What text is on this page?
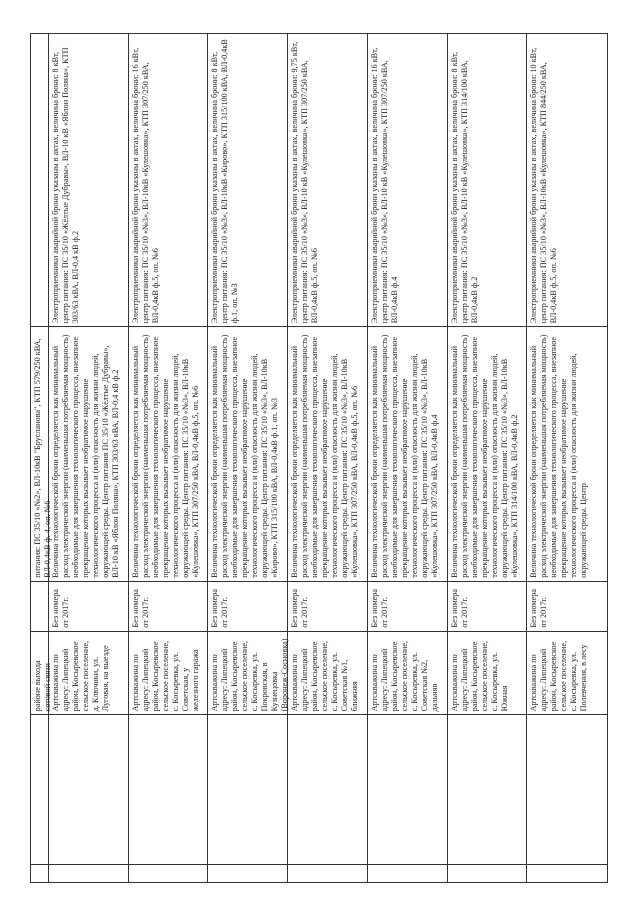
районе выхода сотовой связи
питания: ПС 35/10 «№2», ВЛ-10кВ "Брусланова", КТП 579/250 кВА, ВЛ-0,4кВ ф. 4, оп. №6
Артскважина по адресу: Липецкий район, Косыревское сельское поселение, д. Ключики, ул. Луговая, на выезде
Без номера от 2017г.
Величина технологической брони определяется как минимальный расход электрической энергии (наименьшая потребляемая мощность) необходимые для завершения технологического процесса, внезапное прекращение которых вызывает необратимое нарушение технологического процесса и (или) опасность для жизни людей, окружающей среды. Центр питания ПС 35/10 «Жёлтые Дубравы», ВЛ-10 кВ «Яблон Поляна», КТП 303/63 кВА, ВЛ-0,4 кВ ф.2
Электроприемники аварийной брони указаны в актах, величина брони: 8 кВт, центр питания: ПС 35/10 «Жёлтые Дубравы», ВЛ-10 кВ «Яблон Поляна», КТП 303/63 кВА, ВЛ-0,4 кВ ф.2
Артскважина по адресу: Липецкий район, Косыревское сельское поселение, с. Косыревка, ул. Советская, у железного гаража
Без номера от 2017г.
Величина технологической брони определяется как минимальный расход электрической энергии (наименьшая потребляемая мощность) необходимые для завершения технологического процесса, внезапное прекращение которых вызывает необратимое нарушение технологического процесса и (или) опасность для жизни людей, окружающей среды. Центр питания: ПС 35/10 «№3», ВЛ-10кВ «Кулешовка», КТП 307/250 кВА, ВЛ-0,4кВ ф.5, оп. №6
Электроприемники аварийной брони указаны в актах, величина брони: 16 кВт, центр питания: ПС 35/10 «№3», ВЛ-10кВ «Кулешовка», КТП 307/250 кВА, ВЛ-0,4кВ ф.5, оп. №6
Артскважина по адресу: Липецкий район, Косыревское сельское поселение, с. Косыревка, ул. Покровская, в Кузнецовка (Воронеж-Сосновка)
Без номера от 2017г.
Величина технологической брони определяется как минимальный расход электрической энергии (наименьшая потребляемая мощность) необходимые для завершения технологического процесса, внезапное прекращение которых вызывает необратимое нарушение технологического процесса и (или) опасность для жизни людей, окружающей среды. Центр питания: ПС 35/10 «№3», ВЛ-10кВ «Кирово», КТП 315/100 кВА, ВЛ-0,4кВ ф.1, оп. №3
Электроприемники аварийной брони указаны в актах, величина брони: 8 кВт, центр питания: ПС 35/10 «№3», ВЛ-10кВ «Кирово», КТП 315/100 кВА, ВЛ-0,4кВ ф.1, оп. №3
Артскважина по адресу: Липецкий район, Косыревское сельское поселение, с. Косыревка, ул. Советская №1, ближняя
Без номера от 2017г.
Величина технологической брони определяется как минимальный расход электрической энергии (наименьшая потребляемая мощность) необходимые для завершения технологического процесса, внезапное прекращение которых вызывает необратимое нарушение технологического процесса и (или) опасность для жизни людей, окружающей среды. Центр питания: ПС 35/10 «№3», ВЛ-10кВ «Кулешовка», КТП 307/250 кВА, ВЛ-0,4кВ ф.5, оп. №6
Электроприемники аварийной брони указаны в актах, величина брони: 9,75 кВт, центр питания: ПС 35/10 «№3», ВЛ-10 кВ «Кулешовка», КТП 307/250 кВА, ВЛ-0,4кВ ф.5, оп. №6
Артскважина по адресу: Липецкий район, Косыревское сельское поселение, с. Косыревка, ул. Советская №2, дальняя
Без номера от 2017г.
Величина технологической брони определяется как минимальный расход электрической энергии (наименьшая потребляемая мощность) необходимые для завершения технологического процесса, внезапное прекращение которых вызывает необратимое нарушение технологического процесса и (или) опасность для жизни людей, окружающей среды. Центр питания: ПС 35/10 «№3», ВЛ-10кВ «Кулешовка», КТП 307/250 кВА, ВЛ-0,4кВ ф.4
Электроприемники аварийной брони указаны в актах, величина брони: 16 кВт, центр питания: ПС 35/10 «№3», ВЛ-10 кВ «Кулешовка», КТП 307/250 кВА, ВЛ-0,4кВ ф.4
Артскважина по адресу: Липецкий район, Косыревское сельское поселение, с. Косыревка, ул. Южная
Без номера от 2017г.
Величина технологической брони определяется как минимальный расход электрической энергии (наименьшая потребляемая мощность) необходимые для завершения технологического процесса, внезапное прекращение которых вызывает необратимое нарушение технологического процесса и (или) опасность для жизни людей, окружающей среды. Центр питания: ПС 35/10 «№3», ВЛ-10кВ «Кулешовка», КТП 314/100 кВА, ВЛ-0,4кВ ф.2
Электроприемники аварийной брони указаны в актах, величина брони: 8 кВт, центр питания: ПС 35/10 «№3», ВЛ-10 кВ «Кулешовка», КТП 314/100 кВА, ВЛ-0,4кВ ф.2
Артскважина по адресу: Липецкий район, Косыревское сельское поселение, с. Косыревка, ул. Полевчения, в лесу
Без номера от 2017г.
Величина технологической брони определяется как минимальный расход электрической энергии (наименьшая потребляемая мощность) необходимые для завершения технологического процесса, внезапное прекращение которых вызывает необратимое нарушение технологического процесса и (или) опасность для жизни людей, окружающей среды. Центр
Электроприемники аварийной брони указаны в актах, величина брони: 10 кВт, центр питания: ПС 35/10 «№3», ВЛ-10кВ «Кулешовка», КТП 844/250 кВА, ВЛ-0,4кВ ф.5, оп. №6
